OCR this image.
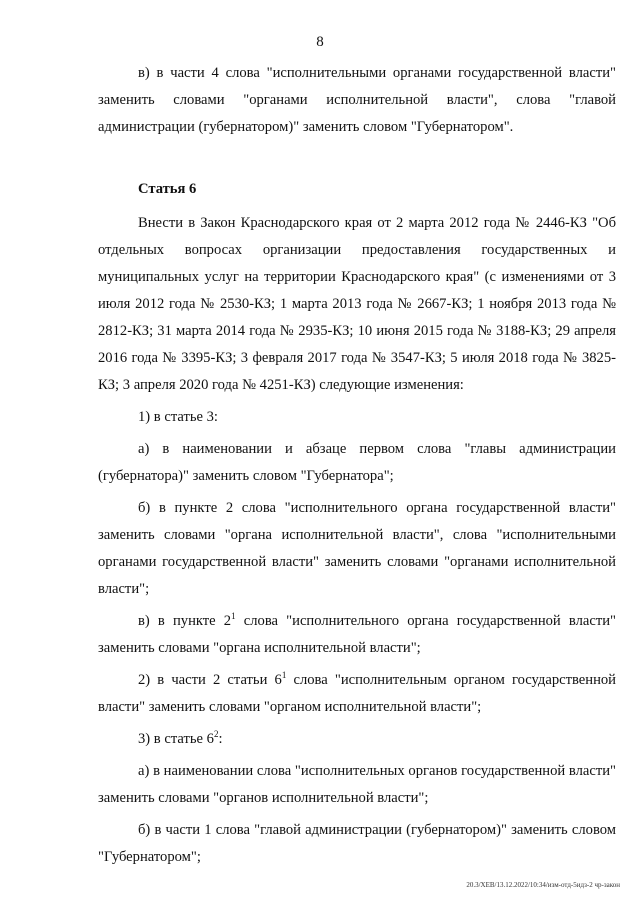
8

в) в части 4 слова "исполнительными органами государственной власти" заменить словами "органами исполнительной власти", слова "главой администрации (губернатором)" заменить словом "Губернатором".

Статья 6

Внести в Закон Краснодарского края от 2 марта 2012 года № 2446-КЗ "Об отдельных вопросах организации предоставления государственных и муниципальных услуг на территории Краснодарского края" (с изменениями от 3 июля 2012 года № 2530-КЗ; 1 марта 2013 года № 2667-КЗ; 1 ноября 2013 года № 2812-КЗ; 31 марта 2014 года № 2935-КЗ; 10 июня 2015 года № 3188-КЗ; 29 апреля 2016 года № 3395-КЗ; 3 февраля 2017 года № 3547-КЗ; 5 июля 2018 года № 3825-КЗ; 3 апреля 2020 года № 4251-КЗ) следующие изменения:

1) в статье 3:

а) в наименовании и абзаце первом слова "главы администрации (губернатора)" заменить словом "Губернатора";

б) в пункте 2 слова "исполнительного органа государственной власти" заменить словами "органа исполнительной власти", слова "исполнительными органами государственной власти" заменить словами "органами исполнительной власти";

в) в пункте $2^1$ слова "исполнительного органа государственной власти" заменить словами "органа исполнительной власти";

2) в части 2 статьи $6^1$ слова "исполнительным органом государственной власти" заменить словами "органом исполнительной власти";

3) в статье $6^2$:

а) в наименовании слова "исполнительных органов государственной власти" заменить словами "органов исполнительной власти";

б) в части 1 слова "главой администрации (губернатором)" заменить словом "Губернатором";

20.3/XEB/13.12.2022/10:34/изм-отд-5идз-2 чр-закон
